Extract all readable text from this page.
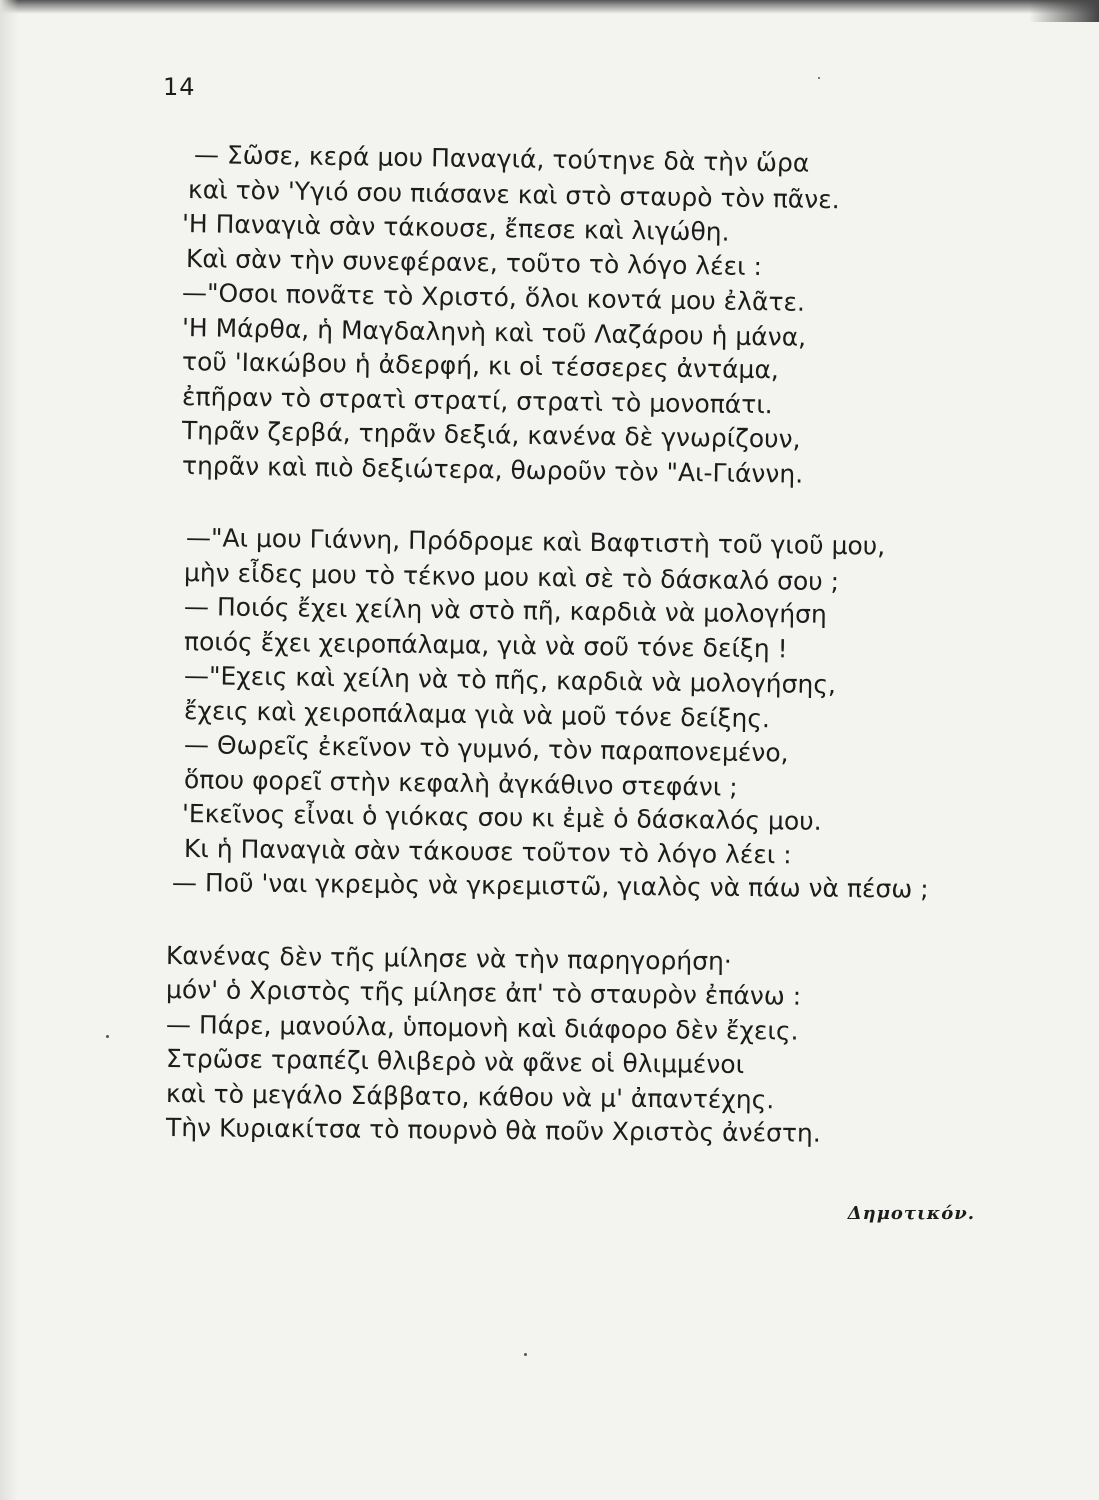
14
— Σῶσε, κερά μου Παναγιά, τούτηνε δὰ τὴν ὥρα
καὶ τὸν 'Υγιό σου πιάσανε καὶ στὸ σταυρὸ τὸν πᾶνε.
'Η Παναγιὰ σὰν τάκουσε, ἔπεσε καὶ λιγώθη.
Καὶ σὰν τὴν συνεφέρανε, τοῦτο τὸ λόγο λέει :
—"Οσοι πονᾶτε τὸ Χριστό, ὅλοι κοντά μου ἐλᾶτε.
'Η Μάρθα, ἡ Μαγδαληνὴ καὶ τοῦ Λαζάρου ἡ μάνα,
τοῦ 'Ιακώβου ἡ ἀδερφή, κι οἱ τέσσερες ἀντάμα,
ἐπῆραν τὸ στρατὶ στρατί, στρατὶ τὸ μονοπάτι.
Τηρᾶν ζερβά, τηρᾶν δεξιά, κανένα δὲ γνωρίζουν,
τηρᾶν καὶ πιὸ δεξιώτερα, θωροῦν τὸν "Αι-Γιάννη.
—"Αι μου Γιάννη, Πρόδρομε καὶ Βαφτιστὴ τοῦ γιοῦ μου,
μὴν εἶδες μου τὸ τέκνο μου καὶ σὲ τὸ δάσκαλό σου ;
— Ποιός ἔχει χείλη νὰ στὸ πῆ, καρδιὰ νὰ μολογήση
ποιός ἔχει χειροπάλαμα, γιὰ νὰ σοῦ τόνε δείξη !
—"Εχεις καὶ χείλη νὰ τὸ πῆς, καρδιὰ νὰ μολογήσης,
ἔχεις καὶ χειροπάλαμα γιὰ νὰ μοῦ τόνε δείξης.
— Θωρεῖς ἐκεῖνον τὸ γυμνό, τὸν παραπονεμένο,
ὅπου φορεῖ στὴν κεφαλὴ ἀγκάθινο στεφάνι ;
'Εκεῖνος εἶναι ὁ γιόκας σου κι ἐμὲ ὁ δάσκαλός μου.
Κι ἡ Παναγιὰ σὰν τάκουσε τοῦτον τὸ λόγο λέει :
— Ποῦ 'ναι γκρεμὸς νὰ γκρεμιστῶ, γιαλὸς νὰ πάω νὰ πέσω ;
Κανένας δὲν τῆς μίλησε νὰ τὴν παρηγορήση·
μόν' ὁ Χριστὸς τῆς μίλησε ἀπ' τὸ σταυρὸν ἐπάνω :
— Πάρε, μανούλα, ὑπομονὴ καὶ διάφορο δὲν ἔχεις.
Στρῶσε τραπέζι θλιβερὸ νὰ φᾶνε οἱ θλιμμένοι
καὶ τὸ μεγάλο Σάββατο, κάθου νὰ μ' ἀπαντέχης.
Τὴν Κυριακίτσα τὸ πουρνὸ θὰ ποῦν Χριστὸς ἀνέστη.
Δημοτικόν.
